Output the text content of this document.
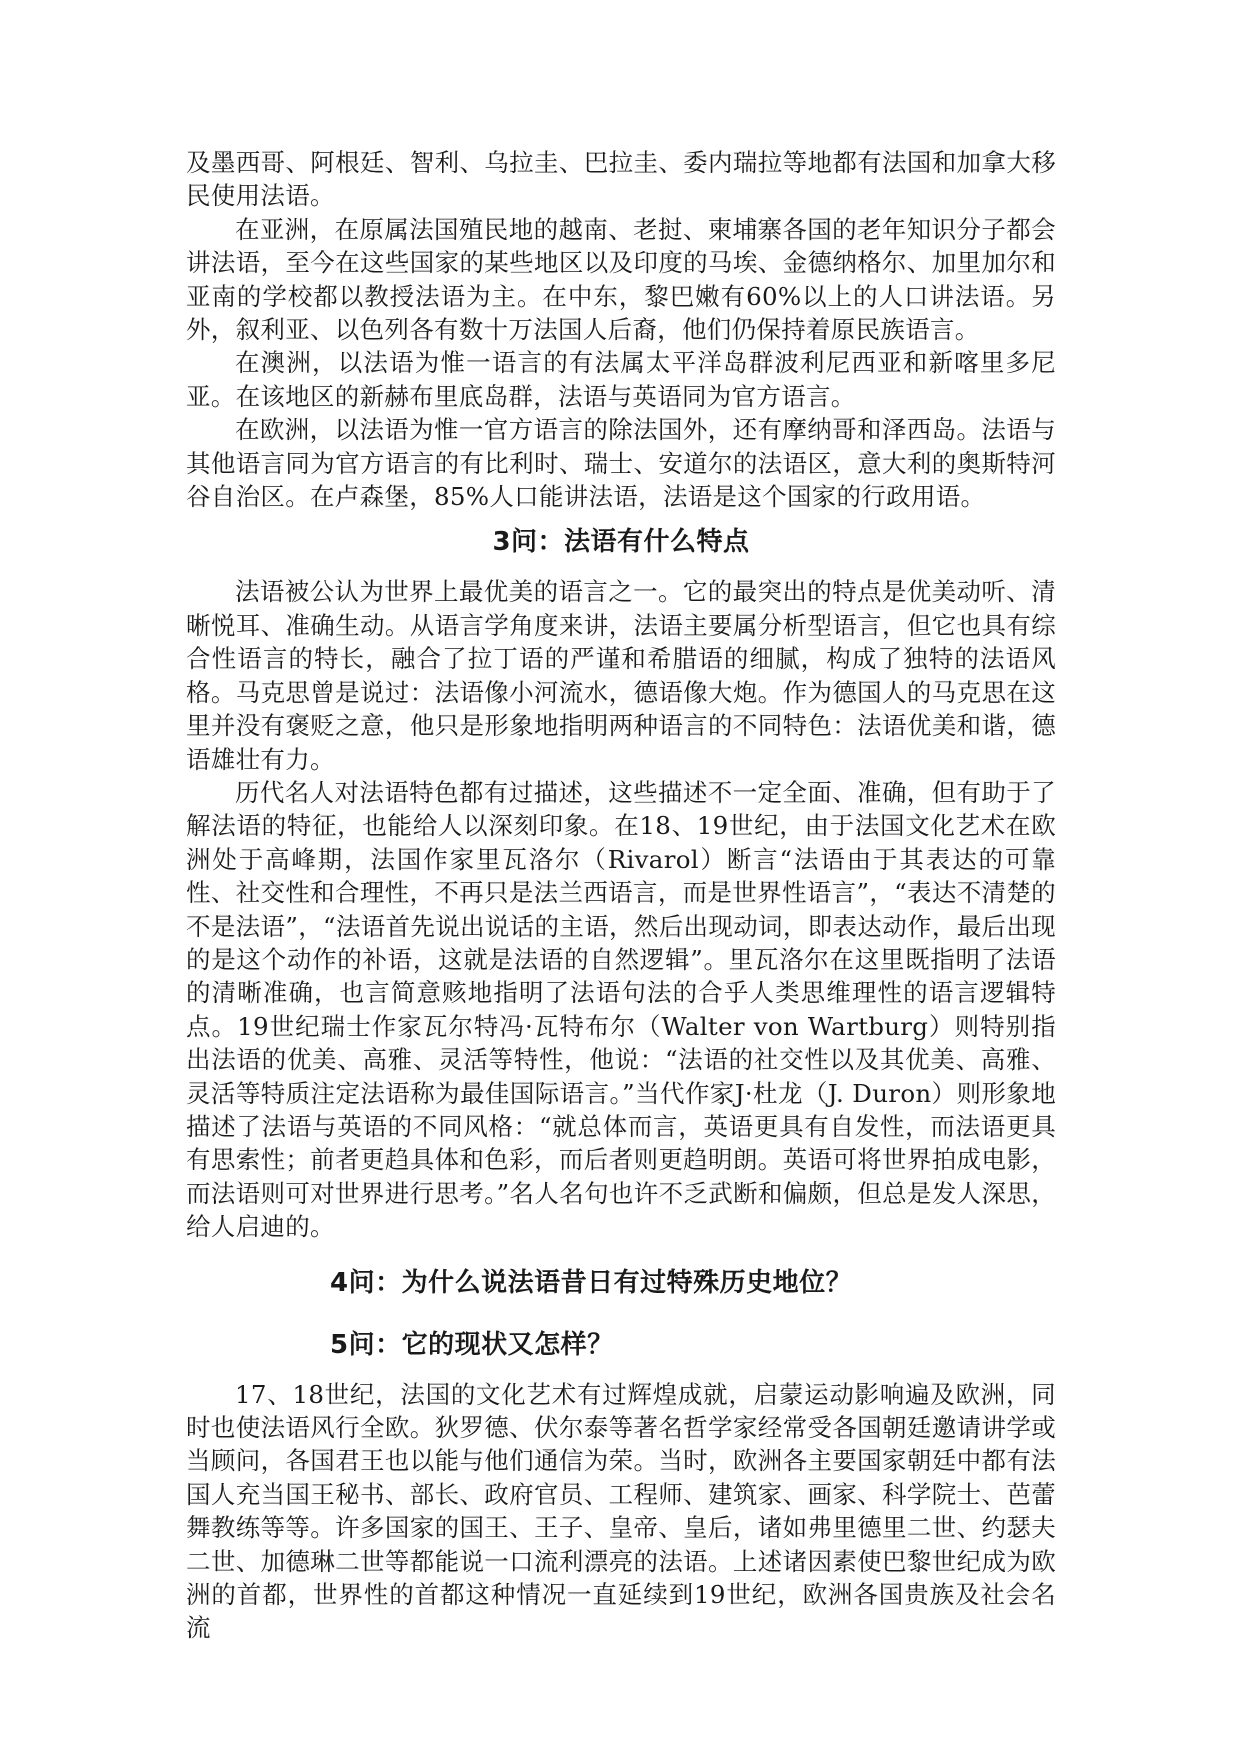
及墨西哥、阿根廷、智利、乌拉圭、巴拉圭、委内瑞拉等地都有法国和加拿大移民使用法语。

在亚洲，在原属法国殖民地的越南、老挝、柬埔寨各国的老年知识分子都会讲法语，至今在这些国家的某些地区以及印度的马埃、金德纳格尔、加里加尔和亚南的学校都以教授法语为主。在中东，黎巴嫩有60%以上的人口讲法语。另外，叙利亚、以色列各有数十万法国人后裔，他们仍保持着原民族语言。

在澳洲，以法语为惟一语言的有法属太平洋岛群波利尼西亚和新喀里多尼亚。在该地区的新赫布里底岛群，法语与英语同为官方语言。

在欧洲，以法语为惟一官方语言的除法国外，还有摩纳哥和泽西岛。法语与其他语言同为官方语言的有比利时、瑞士、安道尔的法语区，意大利的奥斯特河谷自治区。在卢森堡，85%人口能讲法语，法语是这个国家的行政用语。

3问：法语有什么特点

法语被公认为世界上最优美的语言之一。它的最突出的特点是优美动听、清晰悦耳、准确生动。从语言学角度来讲，法语主要属分析型语言，但它也具有综合性语言的特长，融合了拉丁语的严谨和希腊语的细腻，构成了独特的法语风格。马克思曾是说过：法语像小河流水，德语像大炮。作为德国人的马克思在这里并没有褒贬之意，他只是形象地指明两种语言的不同特色：法语优美和谐，德语雄壮有力。

历代名人对法语特色都有过描述，这些描述不一定全面、准确，但有助于了解法语的特征，也能给人以深刻印象。在18、19世纪，由于法国文化艺术在欧洲处于高峰期，法国作家里瓦洛尔（Rivarol）断言“法语由于其表达的可靠性、社交性和合理性，不再只是法兰西语言，而是世界性语言”，“表达不清楚的不是法语”，“法语首先说出说话的主语，然后出现动词，即表达动作，最后出现的是这个动作的补语，这就是法语的自然逻辑”。里瓦洛尔在这里既指明了法语的清晰准确，也言简意赅地指明了法语句法的合乎人类思维理性的语言逻辑特点。19世纪瑞士作家瓦尔特冯·瓦特布尔（Walter von Wartburg）则特别指出法语的优美、高雅、灵活等特性，他说：“法语的社交性以及其优美、高雅、灵活等特质注定法语称为最佳国际语言。”当代作家J·杜龙（J. Duron）则形象地描述了法语与英语的不同风格：“就总体而言，英语更具有自发性，而法语更具有思索性；前者更趋具体和色彩，而后者则更趋明朗。英语可将世界拍成电影，而法语则可对世界进行思考。”名人名句也许不乏武断和偏颇，但总是发人深思，给人启迪的。

4问：为什么说法语昔日有过特殊历史地位？
5问：它的现状又怎样？

17、18世纪，法国的文化艺术有过辉煌成就，启蒙运动影响遍及欧洲，同时也使法语风行全欧。狄罗德、伏尔泰等著名哲学家经常受各国朝廷邀请讲学或当顾问，各国君王也以能与他们通信为荣。当时，欧洲各主要国家朝廷中都有法国人充当国王秘书、部长、政府官员、工程师、建筑家、画家、科学院士、芭蕾舞教练等等。许多国家的国王、王子、皇帝、皇后，诸如弗里德里二世、约瑟夫二世、加德琳二世等都能说一口流利漂亮的法语。上述诸因素使巴黎世纪成为欧洲的首都，世界性的首都这种情况一直延续到19世纪，欧洲各国贵族及社会名流
